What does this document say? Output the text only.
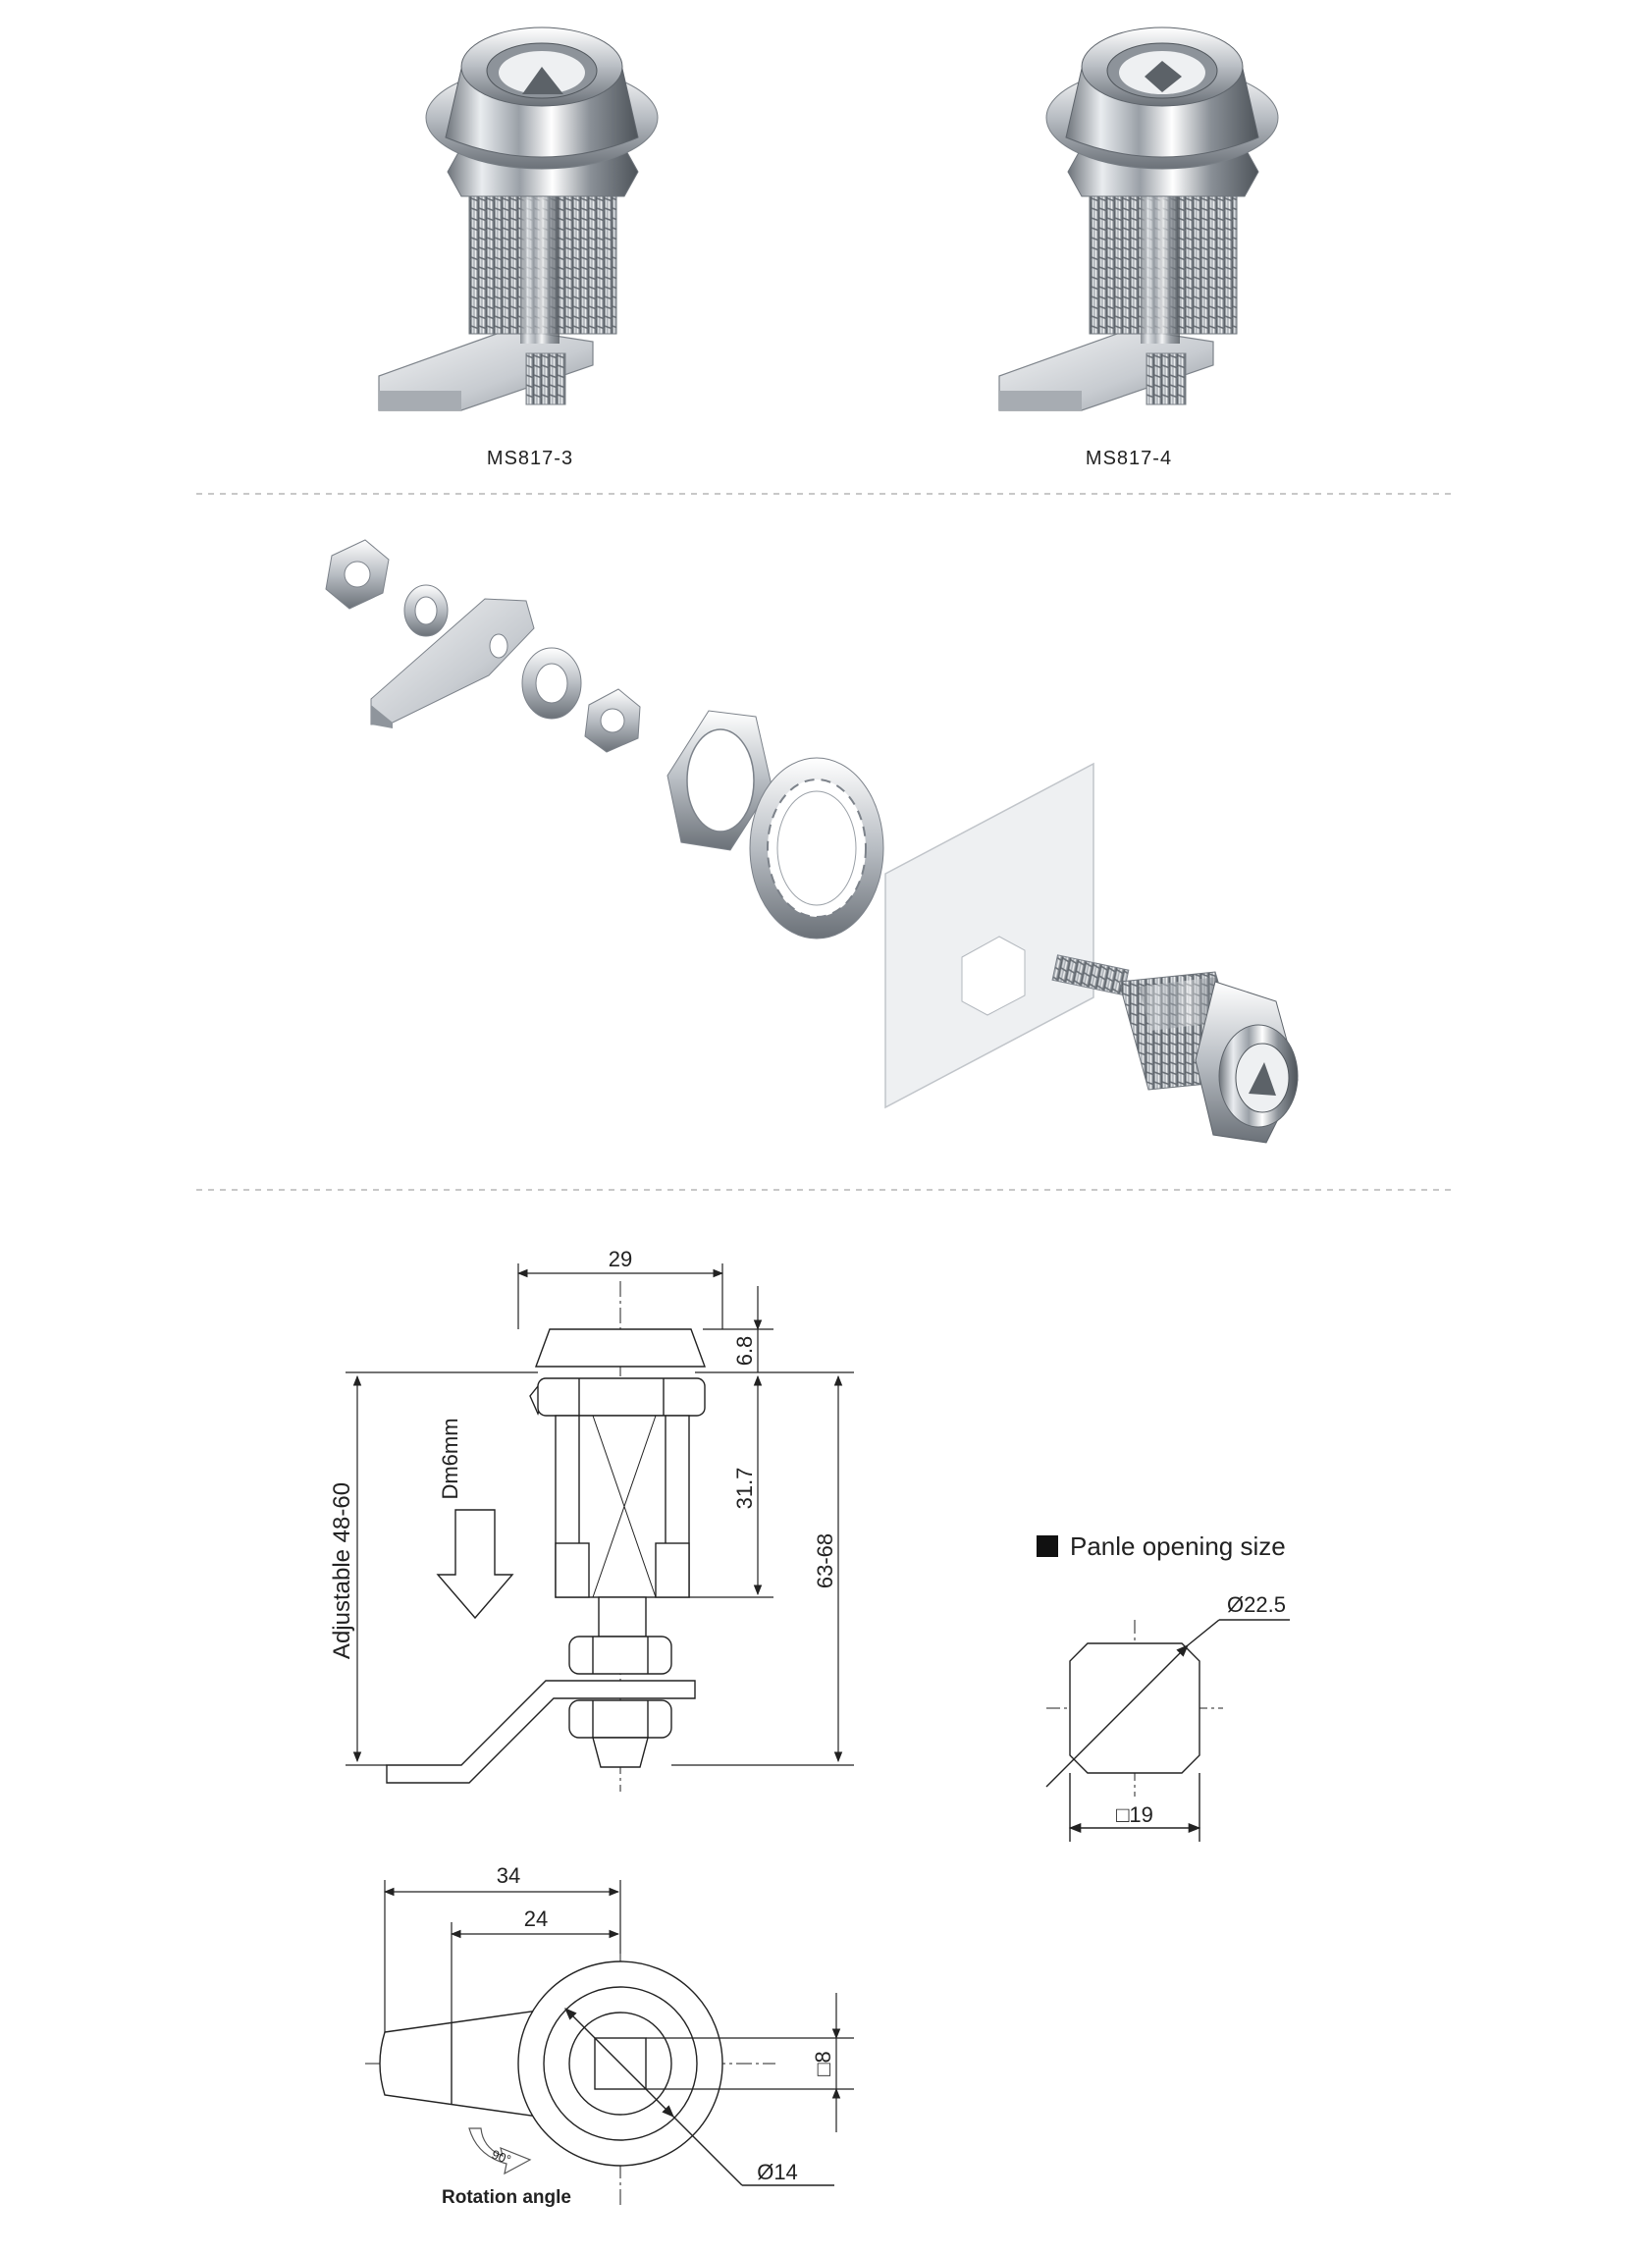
MS817-3	MS817-4
29
6.8
31.7
63-68
Adjustable 48-60
Dm6mm
90°
Rotation angle
34
24
□8
Ø14
Panle opening size
Ø22.5
□19
